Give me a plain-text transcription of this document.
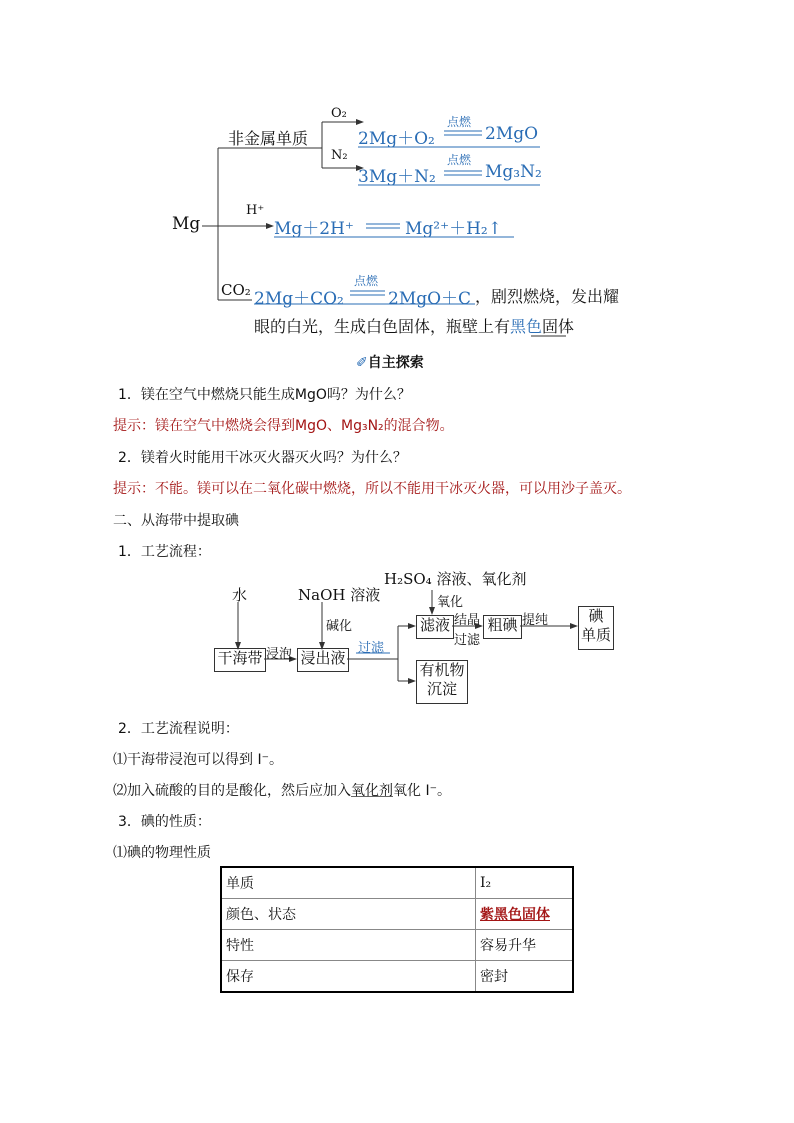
Mg
非金属单质
O₂
N₂
H⁺
CO₂
2Mg＋O₂
点燃
2MgO
3Mg＋N₂
点燃
Mg₃N₂
Mg＋2H⁺	Mg²⁺＋H₂↑
2Mg＋CO₂
点燃
2MgO＋C ，剧烈燃烧，发出耀
眼的白光，生成白色固体，瓶壁上有黑色固体
✐自主探索
1．镁在空气中燃烧只能生成MgO吗？为什么？
提示：镁在空气中燃烧会得到MgO、Mg₃N₂的混合物。
2．镁着火时能用干冰灭火器灭火吗？为什么？
提示：不能。镁可以在二氧化碳中燃烧，所以不能用干冰灭火器，可以用沙子盖灭。
二、从海带中提取碘
1．工艺流程：
水	NaOH 溶液
H₂SO₄ 溶液、氧化剂
碱化
氧化
干海带 浸泡 浸出液
过滤
滤液 结晶
过滤
粗碘 提纯	碘
单质
有机物
沉淀
2．工艺流程说明：
⑴干海带浸泡可以得到 I⁻。
⑵加入硫酸的目的是酸化，然后应加入氧化剂氧化 I⁻。
3．碘的性质：
⑴碘的物理性质
单质	I₂
颜色、状态	紫黑色固体
特性	容易升华
保存	密封
